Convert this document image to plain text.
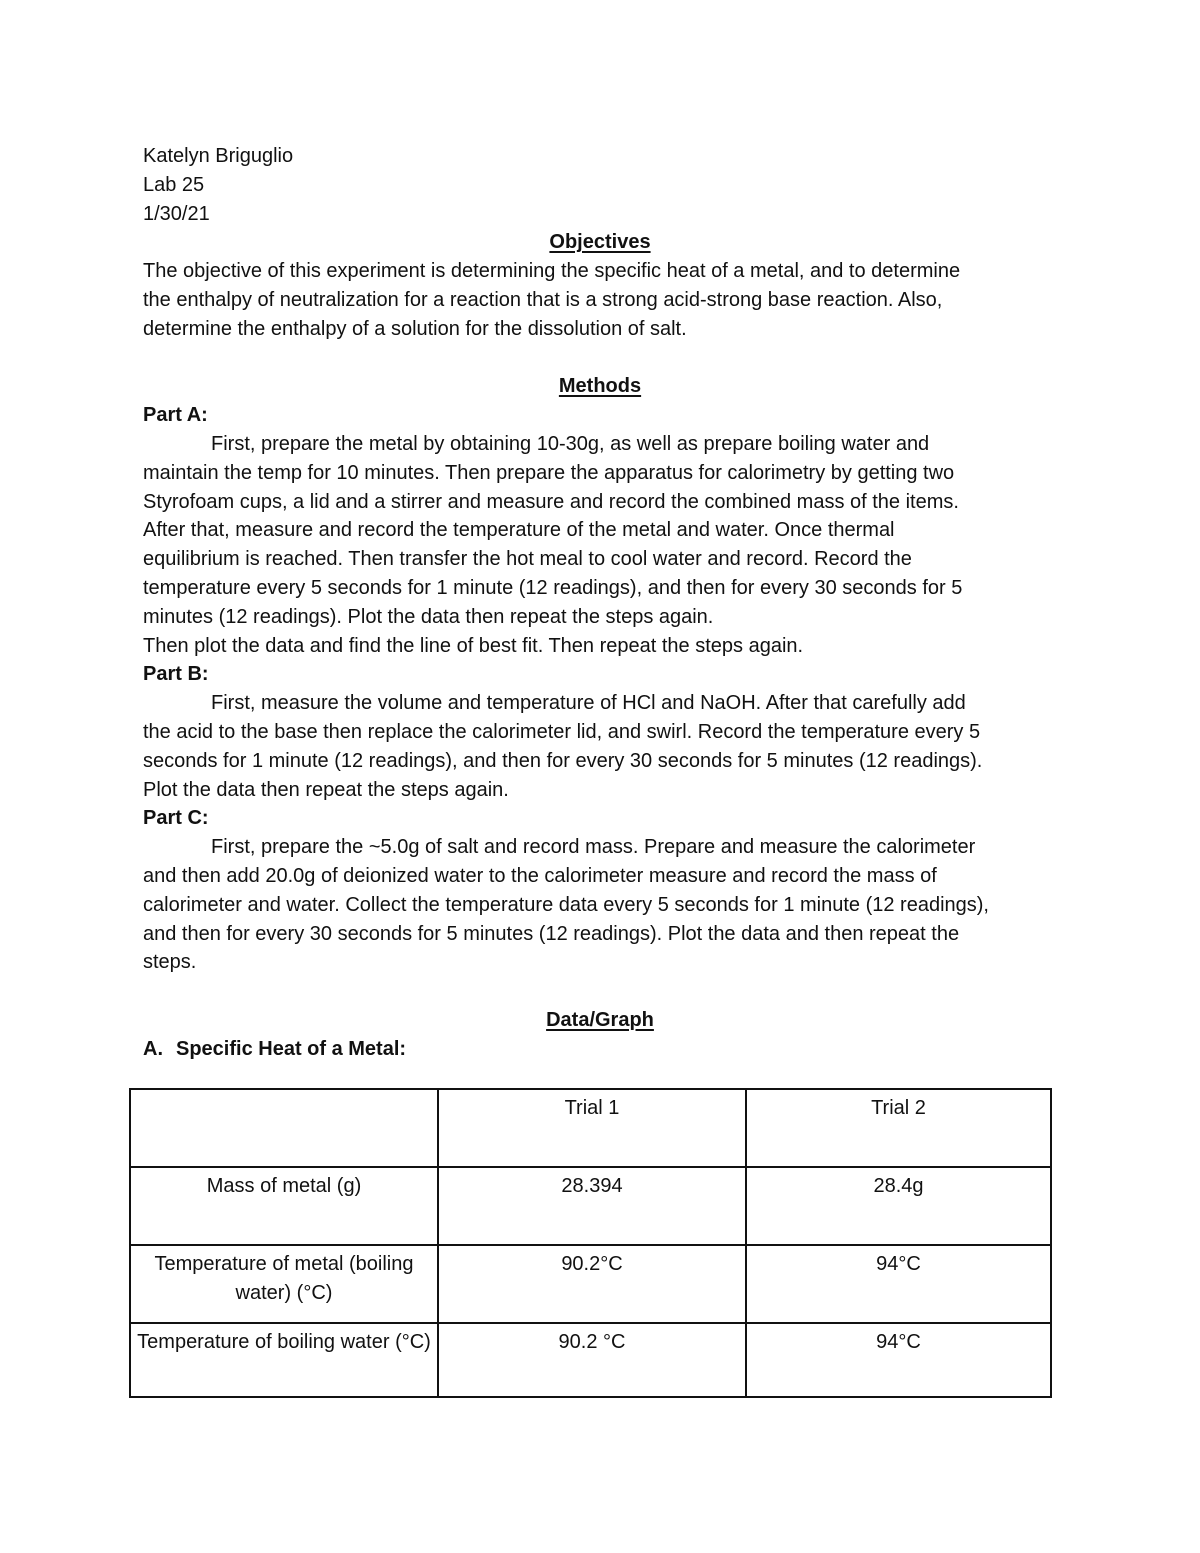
Katelyn Briguglio
Lab 25
1/30/21
Objectives
The objective of this experiment is determining the specific heat of a metal, and to determine
the enthalpy of neutralization for a reaction that is a strong acid-strong base reaction. Also,
determine the enthalpy of a solution for the dissolution of salt.
Methods
Part A:
First, prepare the metal by obtaining 10-30g, as well as prepare boiling water and
maintain the temp for 10 minutes. Then prepare the apparatus for calorimetry by getting two
Styrofoam cups, a lid and a stirrer and measure and record the combined mass of the items.
After that, measure and record the temperature of the metal and water. Once thermal
equilibrium is reached. Then transfer the hot meal to cool water and record. Record the
temperature every 5 seconds for 1 minute (12 readings), and then for every 30 seconds for 5
minutes (12 readings). Plot the data then repeat the steps again.
Then plot the data and find the line of best fit. Then repeat the steps again.
Part B:
First, measure the volume and temperature of HCl and NaOH. After that carefully add
the acid to the base then replace the calorimeter lid, and swirl. Record the temperature every 5
seconds for 1 minute (12 readings), and then for every 30 seconds for 5 minutes (12 readings).
Plot the data then repeat the steps again.
Part C:
First, prepare the ~5.0g of salt and record mass. Prepare and measure the calorimeter
and then add 20.0g of deionized water to the calorimeter measure and record the mass of
calorimeter and water. Collect the temperature data every 5 seconds for 1 minute (12 readings),
and then for every 30 seconds for 5 minutes (12 readings). Plot the data and then repeat the
steps.
Data/Graph
A. Specific Heat of a Metal:
	Trial 1	Trial 2
Mass of metal (g)	28.394	28.4g
Temperature of metal (boiling water) (°C)	90.2°C	94°C
Temperature of boiling water (°C)	90.2 °C	94°C
